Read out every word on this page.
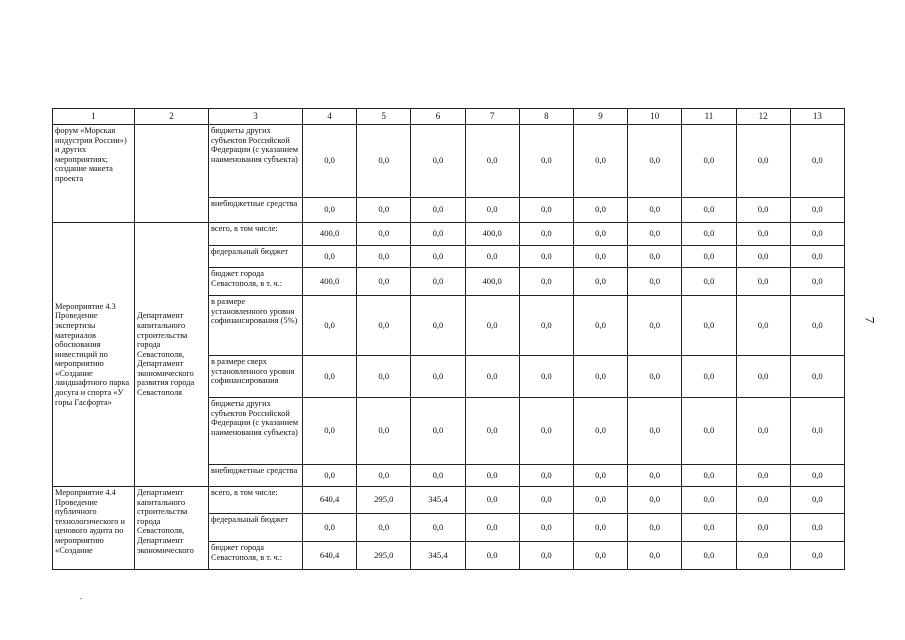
1	2	3	4	5	6	7	8	9	10	11	12	13
форум «Морская индустрия России») и других мероприятиях; создание макета проекта		бюджеты других субъектов Российской Федерации (с указанием наименования субъекта)	0,0	0,0	0,0	0,0	0,0	0,0	0,0	0,0	0,0	0,0
		внебюджетные средства	0,0	0,0	0,0	0,0	0,0	0,0	0,0	0,0	0,0	0,0
Мероприятие 4.3 Проведение экспертизы материалов обоснования инвестиций по мероприятию «Создание ландшафтного парка досуга и спорта «У горы Гасфорта»	Департамент капитального строительства города Севастополя, Департамент экономического развития города Севастополя	всего, в том числе:	400,0	0,0	0,0	400,0	0,0	0,0	0,0	0,0	0,0	0,0
		федеральный бюджет	0,0	0,0	0,0	0,0	0,0	0,0	0,0	0,0	0,0	0,0
		бюджет города Севастополя, в т. ч.:	400,0	0,0	0,0	400,0	0,0	0,0	0,0	0,0	0,0	0,0
		в размере установленного уровня софинансирования (5%)	0,0	0,0	0,0	0,0	0,0	0,0	0,0	0,0	0,0	0,0
		в размере сверх установленного уровня софинансирования	0,0	0,0	0,0	0,0	0,0	0,0	0,0	0,0	0,0	0,0
		бюджеты других субъектов Российской Федерации (с указанием наименования субъекта)	0,0	0,0	0,0	0,0	0,0	0,0	0,0	0,0	0,0	0,0
		внебюджетные средства	0,0	0,0	0,0	0,0	0,0	0,0	0,0	0,0	0,0	0,0
Мероприятие 4.4 Проведение публичного технологического и ценового аудита по мероприятию «Создание	Департамент капитального строительства города Севастополя, Департамент экономического	всего, в том числе:	640,4	295,0	345,4	0,0	0,0	0,0	0,0	0,0	0,0	0,0
		федеральный бюджет	0,0	0,0	0,0	0,0	0,0	0,0	0,0	0,0	0,0	0,0
		бюджет города Севастополя, в т. ч.:	640,4	295,0	345,4	0,0	0,0	0,0	0,0	0,0	0,0	0,0
7
